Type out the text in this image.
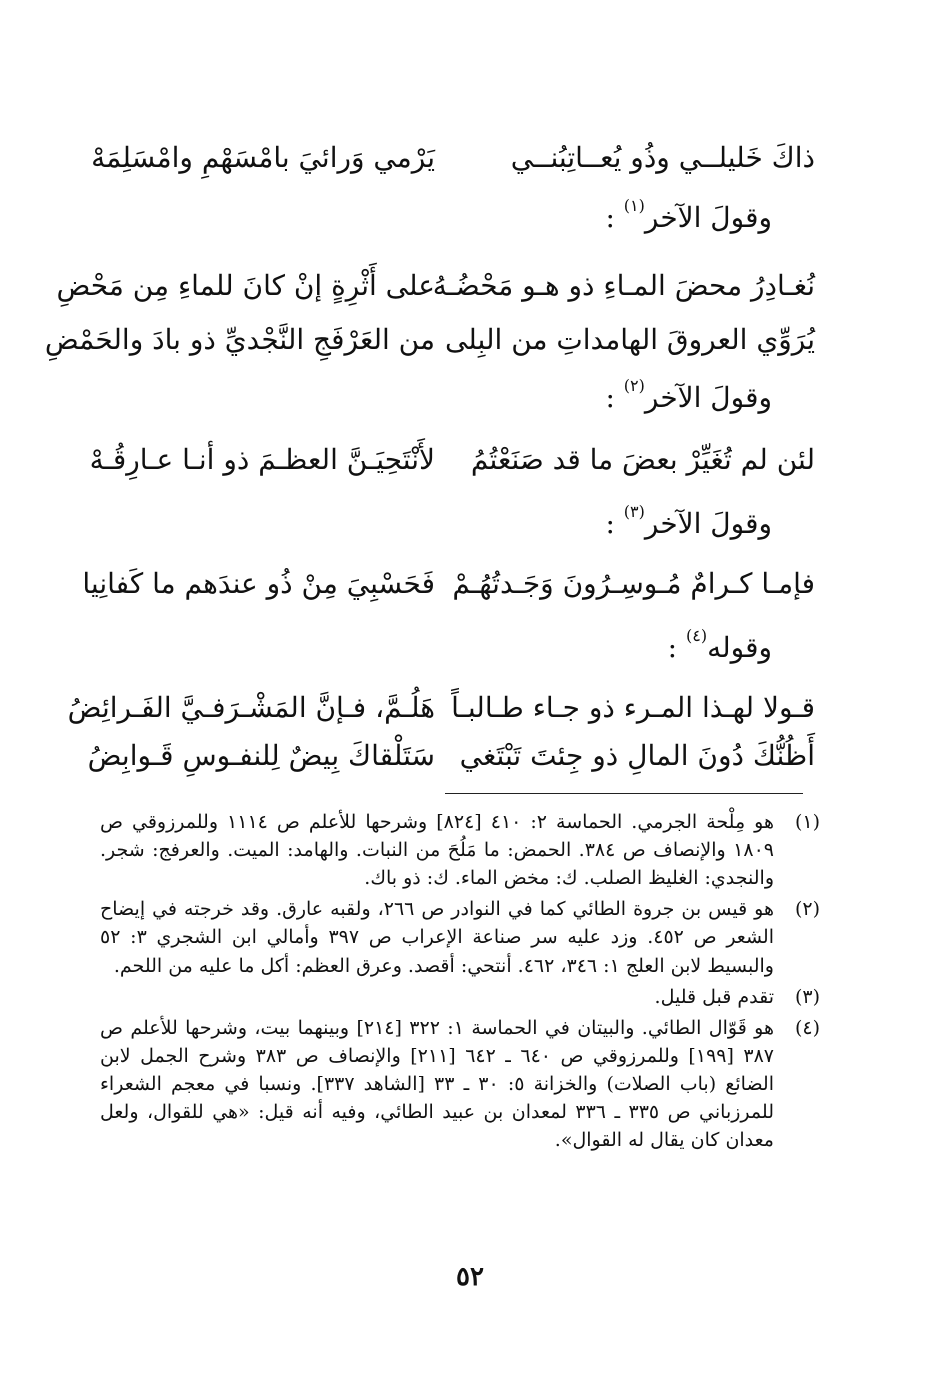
ذاكَ خَليلــي وذُو يُعــاتِبُنــي
يَرْمي وَرائيَ بامْسَهْمِ وامْسَلِمَهْ
وقولَ الآخر$^{(١)}$ :
نُغـادِرُ محضَ المـاءِ ذو هـو مَحْضُـهُ
على أَثْرِةٍ إنْ كانَ للماءِ مِن مَحْضِ
يُرَوِّي العروقَ الهامداتِ من البِلى
من العَرْفَجِ النَّجْديِّ ذو بادَ والحَمْضِ
وقولَ الآخر$^{(٢)}$ :
لئن لم تُغَيِّرْ بعضَ ما قد صَنَعْتُمُ
لأَنْتَحِيَـنَّ العظـمَ ذو أنـا عـارِقُـهْ
وقولَ الآخر$^{(٣)}$ :
فإمـا كـرامٌ مُـوسِـرُونَ وَجَـدتُهُـمْ
فَحَسْبِيَ مِنْ ذُو عندَهم ما كَفانِيا
وقوله$^{(٤)}$ :
قـولا لهـذا المـرء ذو جـاء طـالبـاً
هَلُـمَّ، فـإنَّ المَشْـرَفـيَّ الفَـرائِضُ
أَظُنُّكَ دُونَ المالِ ذو جِئتَ تَبْتَغي
سَتَلْقاكَ بِيضٌ لِلنفـوسِ قَـوابِضُ
(١)
هو مِلْحة الجرمي. الحماسة ٢: ٤١٠ [٨٢٤] وشرحها للأعلم ص ١١١٤ وللمرزوقي ص ١٨٠٩ والإنصاف ص ٣٨٤. الحمض: ما مَلُحَ من النبات. والهامد: الميت. والعرفج: شجر. والنجدي: الغليظ الصلب. ك: مخض الماء. ك: ذو باك.
(٢)
هو قيس بن جروة الطائي كما في النوادر ص ٢٦٦، ولقبه عارق. وقد خرجته في إيضاح الشعر ص ٤٥٢. وزد عليه سر صناعة الإعراب ص ٣٩٧ وأمالي ابن الشجري ٣: ٥٢ والبسيط لابن العلج ١: ٣٤٦، ٤٦٢. أنتحي: أقصد. وعرق العظم: أكل ما عليه من اللحم.
(٣)
تقدم قبل قليل.
(٤)
هو قَوّال الطائي. والبيتان في الحماسة ١: ٣٢٢ [٢١٤] وبينهما بيت، وشرحها للأعلم ص ٣٨٧ [١٩٩] وللمرزوقي ص ٦٤٠ ـ ٦٤٢ [٢١١] والإنصاف ص ٣٨٣ وشرح الجمل لابن الضائع (باب الصلات) والخزانة ٥: ٣٠ ـ ٣٣ [الشاهد ٣٣٧]. ونسبا في معجم الشعراء للمرزباني ص ٣٣٥ ـ ٣٣٦ لمعدان بن عبيد الطائي، وفيه أنه قيل: «هي للقوال، ولعل معدان كان يقال له القوال».
٥٢
